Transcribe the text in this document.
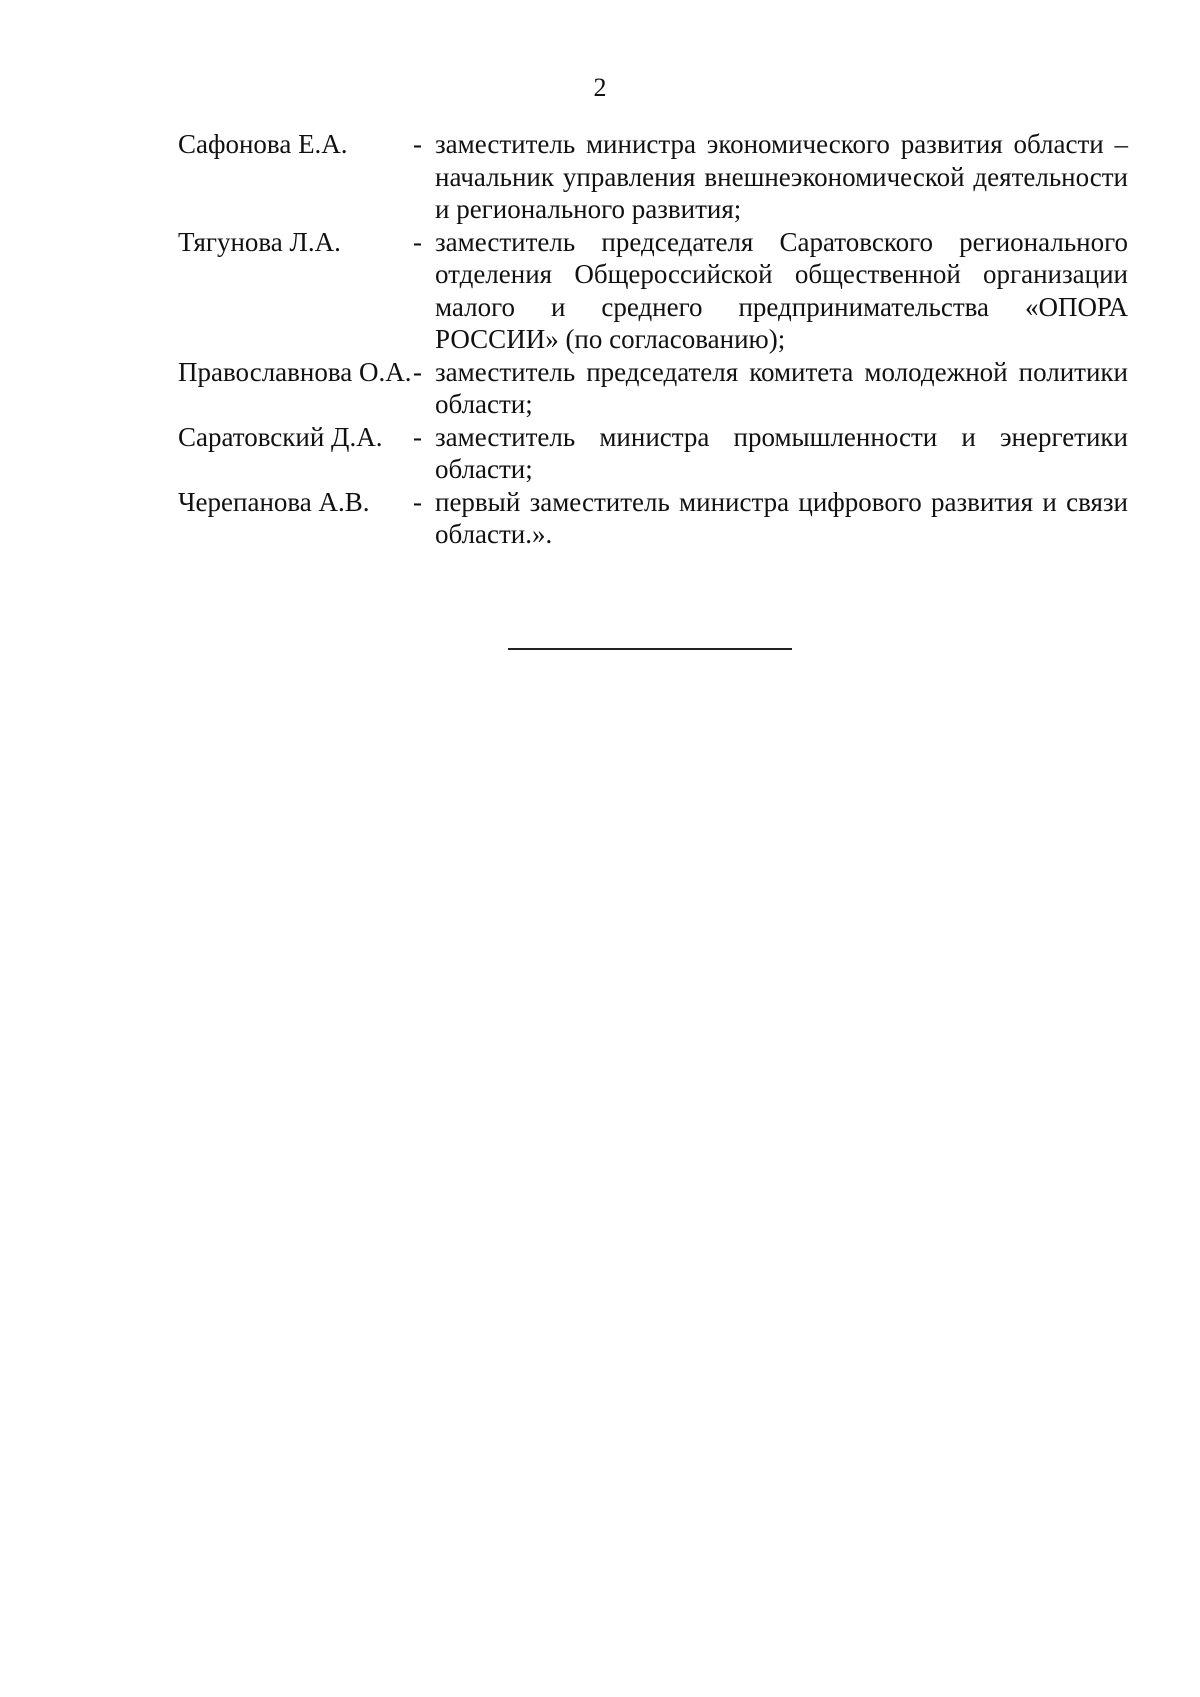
2
Сафонова Е.А.	- заместитель министра экономического развития области – начальник управления внешнеэкономической деятельности и регионального развития;
Тягунова Л.А.	- заместитель председателя Саратовского регионального отделения Общероссийской общественной организации малого и среднего предпринимательства «ОПОРА РОССИИ» (по согласованию);
Православнова О.А. - заместитель председателя комитета молодежной политики области;
Саратовский Д.А.	- заместитель министра промышленности и энергетики области;
Черепанова А.В.	- первый заместитель министра цифрового развития и связи области.».
